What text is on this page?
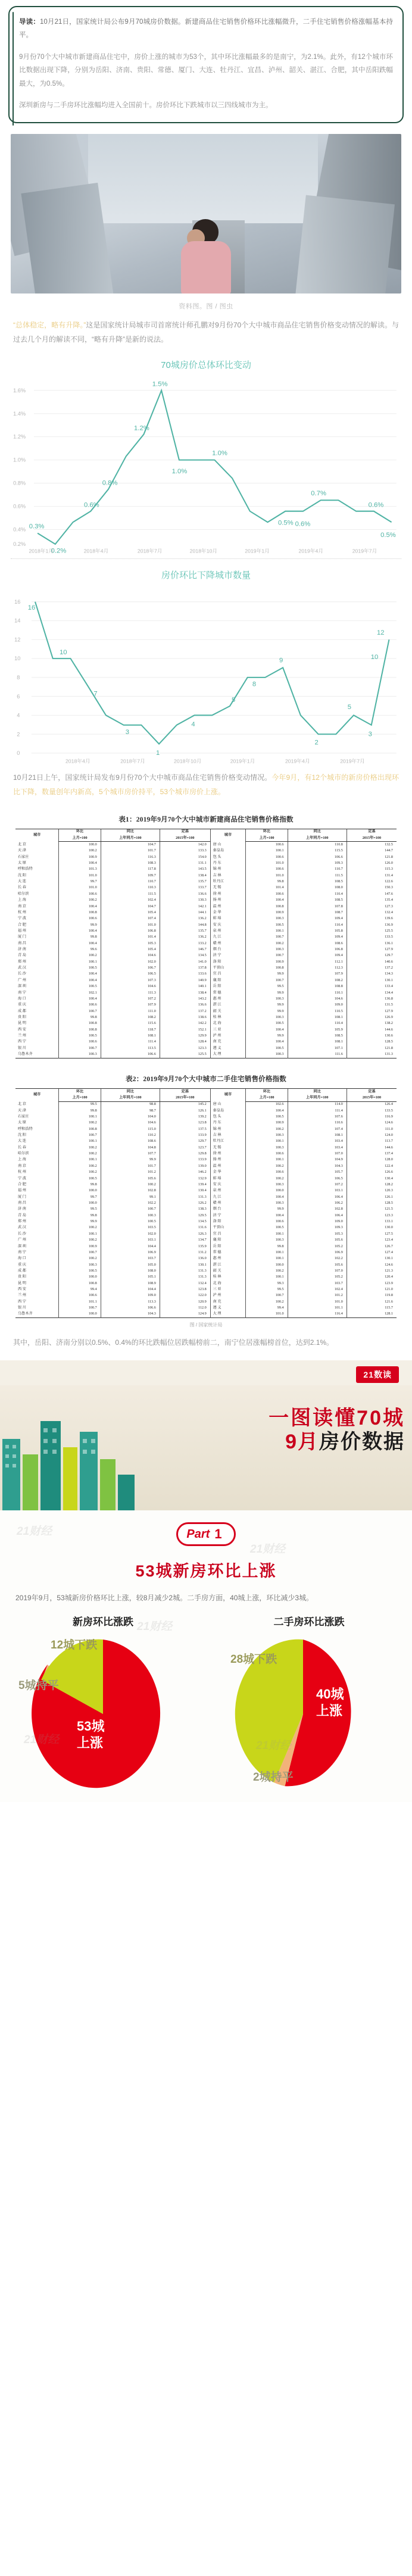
导读：10月21日，国家统计局公布9月70城房价数据。新建商品住宅销售价格环比涨幅微升，二手住宅销售价格涨幅基本持平。

9月份70个大中城市新建商品住宅中，房价上涨的城市为53个，其中环比涨幅最多的是南宁，为2.1%。此外，有12个城市环比数据出现下降，分别为岳阳、济南、贵阳、常德、厦门、大连、牡丹江、宜昌、泸州、韶关、湛江、合肥，其中岳阳跌幅最大，为0.5%。

深圳新房与二手房环比涨幅均进入全国前十。房价环比下跌城市以三四线城市为主。

资料图。图 / 图虫

“总体稳定，略有升降。”这是国家统计局城市司首席统计师孔鹏对9月份70个大中城市商品住宅销售价格变动情况的解读。与过去几个月的解读不同，“略有升降”是新的说法。

70城房价总体环比变动
1.6%
1.4%
1.2%
1.0%
0.8%
0.6%
0.4%
0.2%
0.3%
0.2%
0.6%
0.8%
1.2%
1.5%
1.0%
1.0%
0.5% 0.6%
0.7%
0.6%
0.5%
2018年1月	2018年4月	2018年7月	2018年10月	2019年1月	2019年4月	2019年7月
房价环比下降城市数量
16
14
12
10
8
6
4
2
0
16
10
7
3
1
4
5
8
9
2
5
3
12
10
2018年4月	2018年7月	2018年10月	2019年1月	2019年4月	2019年7月

10月21日上午，国家统计局发布9月份70个大中城市商品住宅销售价格变动情况。今年9月，有12个城市的新房价格出现环比下降，数量创年内新高，5个城市房价持平，53个城市房价上涨。

表1：2019年9月70个大中城市新建商品住宅销售价格指数
城市	环比	同比	定基	城市	环比	同比	定基
	上月=100	上年同月=100	2015年=100		上月=100	上年同月=100	2015年=100
北 京	100.0	104.7	142.0	唐 山	100.6	110.8	132.5
天 津	100.2	101.7	133.3	秦皇岛	100.1	115.5	144.7
石家庄	100.9	116.3	154.0	包 头	100.6	106.6	121.8
太 原	100.4	108.3	131.1	丹 东	101.0	109.3	126.0
呼和浩特	101.3	117.8	143.5	锦 州	100.6	110.7	115.3
沈 阳	101.0	109.7	138.4	吉 林	101.0	111.5	131.4
大 连	99.7	110.7	135.7	牡丹江	99.8	108.5	122.6
长 春	101.0	110.3	133.7	无 锡	101.4	108.0	150.3
哈尔滨	100.6	111.5	136.6	徐 州	100.6	110.4	147.6
上 海	100.2	102.4	130.3	扬 州	100.4	108.5	135.4
南 京	100.4	104.7	142.1	温 州	100.8	107.8	127.3
杭 州	100.8	105.4	144.1	金 华	100.9	108.7	132.4
宁 波	100.6	107.4	136.2	蚌 埠	100.3	109.4	139.6
合 肥	99.9	101.0	144.8	安 庆	100.5	110.4	136.9
福 州	100.4	106.8	135.7	泉 州	100.1	105.8	125.5
厦 门	99.8	101.4	136.2	九 江	100.7	109.4	133.5
南 昌	100.4	105.3	133.2	赣 州	100.2	108.6	136.1
济 南	99.6	105.4	146.7	烟 台	100.3	106.8	127.9
青 岛	100.2	104.6	134.5	济 宁	100.7	109.4	129.7
郑 州	100.1	102.0	141.0	洛 阳	100.9	112.1	140.6
武 汉	100.5	106.7	137.8	平顶山	100.8	112.3	137.2
长 沙	100.4	106.5	133.6	宜 昌	99.9	107.9	134.3
广 州	100.4	107.3	140.9	襄 阳	100.7	108.2	130.1
深 圳	100.5	104.6	140.1	岳 阳	99.5	108.8	133.4
南 宁	102.1	111.3	138.4	常 德	99.9	110.1	134.4
海 口	100.4	107.2	143.2	惠 州	100.3	104.6	136.8
重 庆	100.6	107.9	136.6	湛 江	99.9	109.0	131.5
成 都	100.7	111.0	137.2	韶 关	99.9	110.5	127.9
贵 阳	99.8	108.2	138.6	桂 林	100.3	108.1	126.9
昆 明	100.8	115.6	142.2	北 海	100.5	110.4	138.2
西 安	100.8	118.7	152.1	三 亚	100.4	105.9	144.6
兰 州	100.5	108.1	129.9	泸 州	99.9	108.5	130.6
西 宁	100.6	111.4	128.4	南 充	100.4	108.1	128.5
银 川	100.7	113.5	123.3	遵 义	100.5	107.1	121.8
乌鲁木齐	100.3	106.6	125.5	大 理	100.3	111.6	131.3
表2：2019年9月70个大中城市二手住宅销售价格指数
城市	环比	同比	定基	城市	环比	同比	定基
	上月=100	上年同月=100	2015年=100		上月=100	上年同月=100	2015年=100
北 京	99.5	98.8	145.2	唐 山	102.6	114.0	126.4
天 津	99.8	98.7	126.1	秦皇岛	100.4	111.4	133.5
石家庄	100.1	104.0	139.2	包 头	100.5	107.6	116.9
太 原	100.2	104.6	123.8	丹 东	100.9	110.6	124.6
呼和浩特	100.8	115.0	137.5	锦 州	100.2	107.4	111.0
沈 阳	100.7	110.2	133.9	吉 林	100.3	108.1	124.0
大 连	100.1	108.6	129.7	牡丹江	100.1	103.4	113.7
长 春	100.2	104.8	123.7	无 锡	100.3	103.4	144.6
哈尔滨	100.2	107.7	129.8	徐 州	100.6	107.0	137.4
上 海	100.1	99.9	133.9	扬 州	100.1	104.9	128.0
南 京	100.2	101.7	139.0	温 州	100.2	104.3	122.4
杭 州	100.2	101.2	146.2	金 华	100.6	105.7	126.6
宁 波	100.5	105.6	132.9	蚌 埠	100.2	106.5	130.4
合 肥	99.8	100.2	139.4	安 庆	100.3	107.2	128.2
福 州	100.0	102.8	130.4	泉 州	100.0	103.1	120.3
厦 门	99.7	99.1	131.3	九 江	100.4	106.4	126.1
南 昌	100.0	102.2	126.2	赣 州	100.3	106.2	128.5
济 南	99.5	100.7	138.3	烟 台	99.9	102.8	121.5
青 岛	99.8	100.3	129.5	济 宁	100.4	106.4	123.3
郑 州	99.9	100.5	134.5	洛 阳	100.6	109.0	133.1
武 汉	100.2	103.5	131.6	平顶山	100.5	109.3	130.0
长 沙	100.1	102.0	126.3	宜 昌	100.1	105.3	127.5
广 州	100.2	103.1	134.7	襄 阳	100.3	105.6	123.4
深 圳	100.9	104.4	135.9	岳 阳	99.8	105.2	126.7
南 宁	100.7	106.9	131.2	常 德	100.1	106.9	127.4
海 口	100.2	103.7	136.0	惠 州	100.1	102.2	130.1
重 庆	100.3	105.0	130.1	湛 江	100.0	105.6	124.6
成 都	100.5	108.0	131.3	韶 关	100.2	107.0	121.3
贵 阳	100.0	105.1	131.3	桂 林	100.1	105.2	120.4
昆 明	100.8	108.9	132.4	北 海	99.3	103.7	123.9
西 安	99.4	104.4	123.8	三 亚	99.5	102.4	121.0
兰 州	100.6	109.0	122.0	泸 州	100.7	101.2	119.8
西 宁	101.1	113.3	120.9	南 充	100.2	101.0	121.6
银 川	100.7	106.6	112.0	遵 义	99.4	101.1	115.7
乌鲁木齐	100.0	104.3	124.9	大 理	101.0	116.4	128.1
图 / 国家统计局

其中，岳阳、济南分别以0.5%、0.4%的环比跌幅位居跌幅榜前二，南宁位居涨幅榜首位，达到2.1%。

21数读
一图读懂70城
9月房价数据
Part 1
53城新房环比上涨

2019年9月，53城新房价格环比上涨，较8月减少2城。二手房方面，40城上涨，环比减少3城。

新房环比涨跌
12城下跌
5城持平
53城
上涨
二手房环比涨跌
28城下跌
40城
上涨
2城持平
